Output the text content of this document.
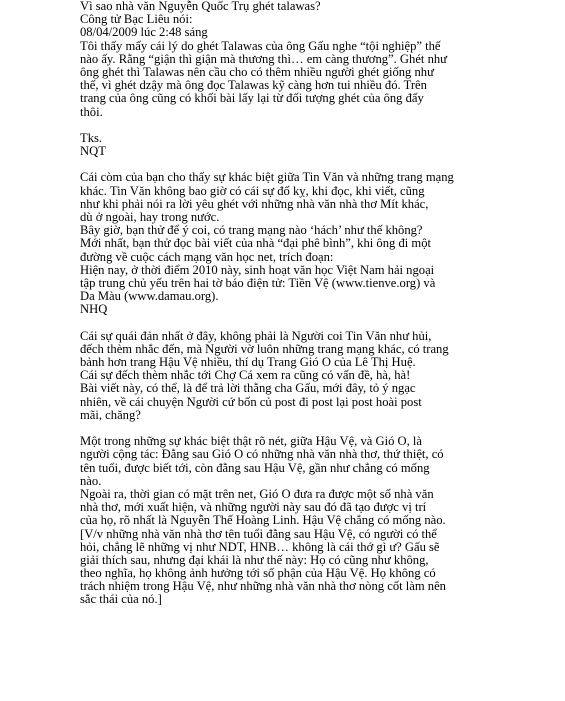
Vì sao nhà văn Nguyễn Quốc Trụ ghét talawas?
Công tử Bạc Liêu nói:
08/04/2009 lúc 2:48 sáng
Tôi thấy mấy cái lý do ghét Talawas của ông Gấu nghe “tội nghiệp” thế
nào ấy. Rằng “giận thì giận mà thương thì… em càng thương”. Ghét như
ông ghét thì Talawas nên cầu cho có thêm nhiều người ghét giống như
thế, vì ghét dzậy mà ông đọc Talawas kỹ càng hơn tui nhiều đó. Trên
trang của ông cũng có khối bài lấy lại từ đối tượng ghét của ông đấy
thôi.
Tks.
NQT
Cái còm của bạn cho thấy sự khác biệt giữa Tin Văn và những trang mạng
khác. Tin Văn không bao giờ có cái sự đố kỵ, khi đọc, khi viết, cũng
như khi phải nói ra lời yêu ghét với những nhà văn nhà thơ Mít khác,
dù ở ngoài, hay trong nước.
Bây giờ, bạn thử để ý coi, có trang mạng nào ‘hách’ như thế không?
Mới nhất, bạn thử đọc bài viết của nhà “đại phê bình”, khi ông đi một
đường về cuộc cách mạng văn học net, trích đoạn:
Hiện nay, ở thời điểm 2010 này, sinh hoạt văn học Việt Nam hải ngoại
tập trung chủ yếu trên hai tờ báo điện tử: Tiền Vệ (www.tienve.org) và
Da Màu (www.damau.org).
NHQ
Cái sự quái đản nhất ở đây, không phải là Người coi Tin Văn như hủi,
đếch thèm nhắc đến, mà Người vờ luôn những trang mạng khác, có trang
bảnh hơn trang Hậu Vệ nhiều, thí dụ Trang Gió O của Lê Thị Huệ.
Cái sự đếch thèm nhắc tới Chợ Cá xem ra cũng có vấn đề, hà, hà!
Bài viết này, có thể, là để trả lời thằng cha Gấu, mới đây, tỏ ý ngạc
nhiên, về cái chuyện Người cứ bốn củ post đi post lại post hoài post
mãi, chăng?
Một trong những sự khác biệt thật rõ nét, giữa Hậu Vệ, và Gió O, là
người cộng tác: Đằng sau Gió O có những nhà văn nhà thơ, thứ thiệt, có
tên tuổi, được biết tới, còn đằng sau Hậu Vệ, gần như chẳng có mống
nào.
Ngoài ra, thời gian có mặt trên net, Gió O đưa ra được một số nhà văn
nhà thơ, mới xuất hiện, và những người này sau đó đã tạo được vị trí
của họ, rõ nhất là Nguyễn Thế Hoàng Linh. Hậu Vệ chẳng có mống nào.
[V/v những nhà văn nhà thơ tên tuổi đằng sau Hậu Vệ, có người có thể
hỏi, chẳng lẽ những vị như NDT, HNB… không là cái thớ gì ư? Gấu sẽ
giải thích sau, nhưng đại khái là như thế này: Họ có cũng như không,
theo nghĩa, họ không ảnh hưởng tới số phận của Hậu Vệ. Họ không có
trách nhiệm trong Hậu Vệ, như những nhà văn nhà thơ nòng cốt làm nên
sắc thái của nó.]
